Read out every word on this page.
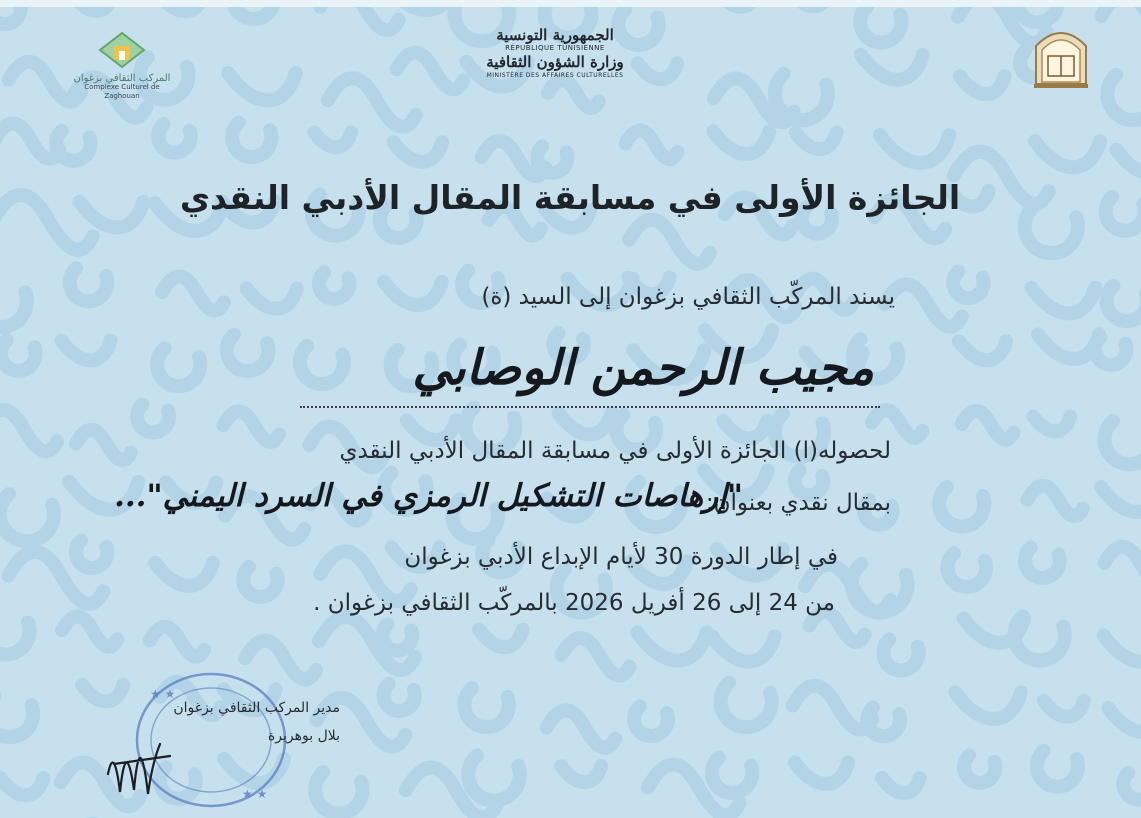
المركب الثقافي بزغوان
Complexe Culturel de Zaghouan
الجمهورية التونسية
RÉPUBLIQUE TUNISIENNE
وزارة الشؤون الثقافية
MINISTÈRE DES AFFAIRES CULTURELLES
الجائزة الأولى في مسابقة المقال الأدبي النقدي
يسند المركّب الثقافي بزغوان إلى السيد (ة)
مجيب الرحمن الوصابي
لحصوله(ا) الجائزة الأولى في مسابقة المقال الأدبي النقدي
بمقال نقدي بعنوان:
"إرهاصات التشكيل الرمزي في السرد اليمني"...
في إطار الدورة 30 لأيام الإبداع الأدبي بزغوان
من 24 إلى 26 أفريل 2026 بالمركّب الثقافي بزغوان .
★ ★
★ ★
مدير المركب الثقافي بزغوان
بلال بوهريرة
